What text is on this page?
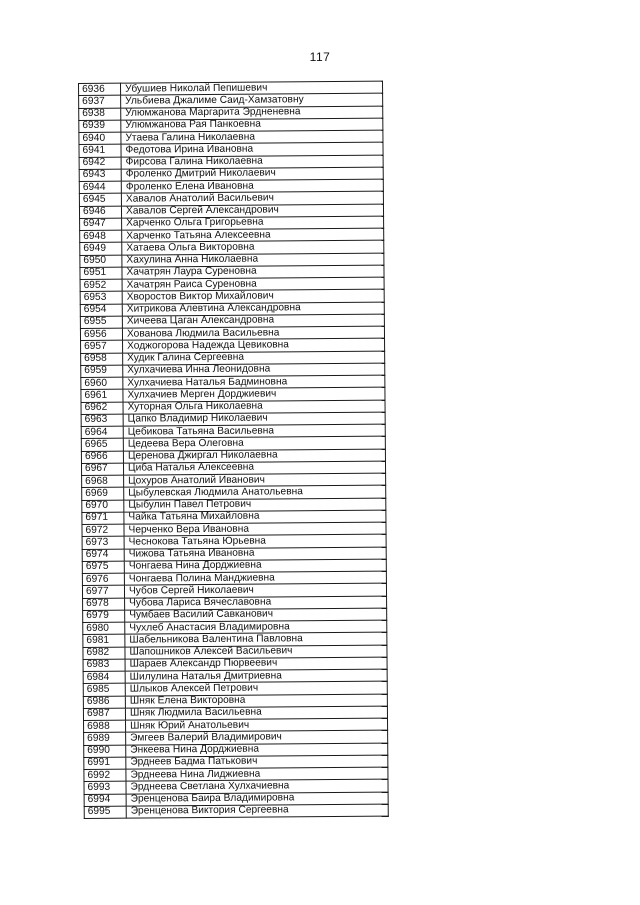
117
6936	Убушиев Николай Пепишевич
6937	Ульбиева Джалиме Саид-Хамзатовну
6938	Улюмжанова Маргарита Эрдненевна
6939	Улюмжанова Рая Панкоевна
6940	Утаева Галина Николаевна
6941	Федотова Ирина Ивановна
6942	Фирсова Галина Николаевна
6943	Фроленко Дмитрий Николаевич
6944	Фроленко Елена Ивановна
6945	Хавалов Анатолий Васильевич
6946	Хавалов Сергей Александрович
6947	Харченко Ольга Григорьевна
6948	Харченко Татьяна Алексеевна
6949	Хатаева Ольга Викторовна
6950	Хахулина Анна Николаевна
6951	Хачатрян Лаура Суреновна
6952	Хачатрян Раиса Суреновна
6953	Хворостов Виктор Михайлович
6954	Хитрикова Алевтина Александровна
6955	Хичеева Цаган Александровна
6956	Хованова Людмила Васильевна
6957	Ходжогорова Надежда Цевиковна
6958	Худик Галина Сергеевна
6959	Хулхачиева Инна Леонидовна
6960	Хулхачиева Наталья Бадминовна
6961	Хулхачиев Мерген Дорджиевич
6962	Хуторная Ольга Николаевна
6963	Цапко Владимир Николаевич
6964	Цебикова Татьяна Васильевна
6965	Цедеева Вера Олеговна
6966	Церенова Джиргал Николаевна
6967	Циба Наталья Алексеевна
6968	Цохуров Анатолий Иванович
6969	Цыбулевская Людмила Анатольевна
6970	Цыбулин Павел Петрович
6971	Чайка Татьяна Михайловна
6972	Черченко Вера Ивановна
6973	Чеснокова Татьяна Юрьевна
6974	Чижова Татьяна Ивановна
6975	Чонгаева Нина Дорджиевна
6976	Чонгаева Полина Манджиевна
6977	Чубов Сергей Николаевич
6978	Чубова Лариса Вячеславовна
6979	Чумбаев Василий Савканович
6980	Чухлеб Анастасия Владимировна
6981	Шабельникова Валентина Павловна
6982	Шапошников Алексей Васильевич
6983	Шараев Александр Пюрвеевич
6984	Шилулина Наталья Дмитриевна
6985	Шлыков Алексей Петрович
6986	Шняк Елена Викторовна
6987	Шняк Людмила Васильевна
6988	Шняк Юрий Анатольевич
6989	Эмгеев Валерий Владимирович
6990	Энкеева Нина Дорджиевна
6991	Эрднеев Бадма Патькович
6992	Эрднеева Нина Лиджиевна
6993	Эрднеева Светлана Хулхачиевна
6994	Эренценова Баира Владимировна
6995	Эренценова Виктория Сергеевна
